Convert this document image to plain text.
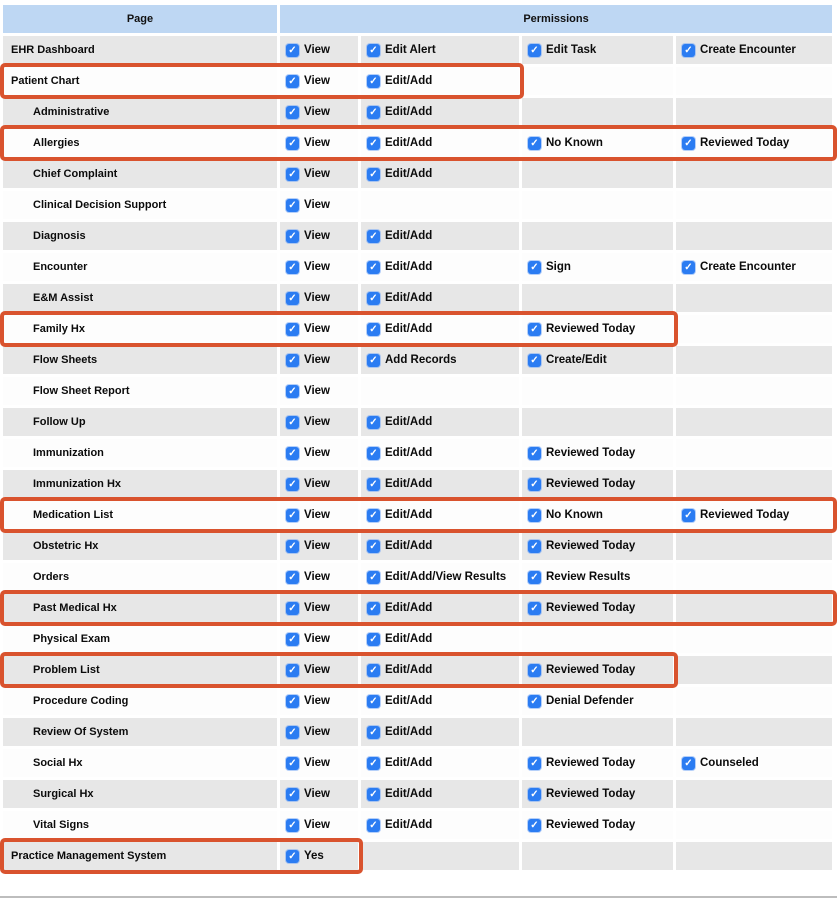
Page	Permissions			
EHR Dashboard	✓ View	✓ Edit Alert	✓ Edit Task	✓ Create Encounter

Patient Chart	✓ View	✓ Edit/Add		

Administrative	✓ View	✓ Edit/Add		

Allergies	✓ View	✓ Edit/Add	✓ No Known	✓ Reviewed Today

Chief Complaint	✓ View	✓ Edit/Add		

Clinical Decision Support	✓ View			

Diagnosis	✓ View	✓ Edit/Add		

Encounter	✓ View	✓ Edit/Add	✓ Sign	✓ Create Encounter

E&M Assist	✓ View	✓ Edit/Add		

Family Hx	✓ View	✓ Edit/Add	✓ Reviewed Today	

Flow Sheets	✓ View	✓ Add Records	✓ Create/Edit	

Flow Sheet Report	✓ View			

Follow Up	✓ View	✓ Edit/Add		

Immunization	✓ View	✓ Edit/Add	✓ Reviewed Today	

Immunization Hx	✓ View	✓ Edit/Add	✓ Reviewed Today	

Medication List	✓ View	✓ Edit/Add	✓ No Known	✓ Reviewed Today

Obstetric Hx	✓ View	✓ Edit/Add	✓ Reviewed Today	

Orders	✓ View	✓ Edit/Add/View Results	✓ Review Results	

Past Medical Hx	✓ View	✓ Edit/Add	✓ Reviewed Today	

Physical Exam	✓ View	✓ Edit/Add		

Problem List	✓ View	✓ Edit/Add	✓ Reviewed Today	

Procedure Coding	✓ View	✓ Edit/Add	✓ Denial Defender	

Review Of System	✓ View	✓ Edit/Add		

Social Hx	✓ View	✓ Edit/Add	✓ Reviewed Today	✓ Counseled

Surgical Hx	✓ View	✓ Edit/Add	✓ Reviewed Today	

Vital Signs	✓ View	✓ Edit/Add	✓ Reviewed Today	

Practice Management System	✓ Yes			
